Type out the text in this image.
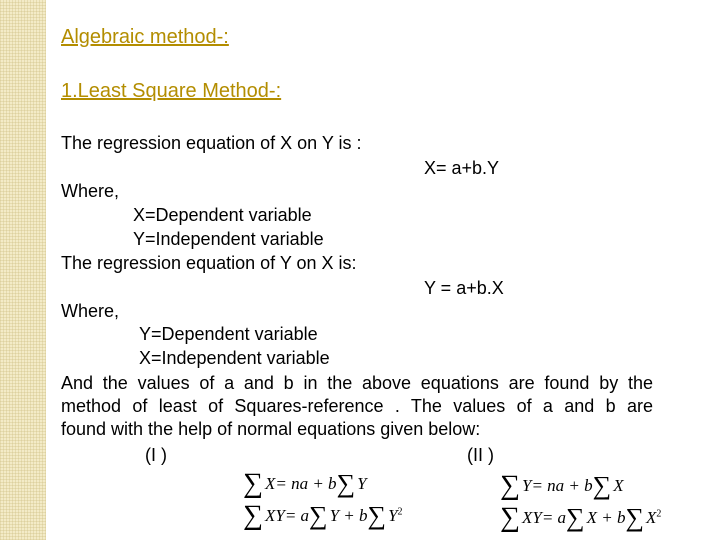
Algebraic method-:
1.Least Square Method-:
The regression equation of X on Y is :
X= a+b.Y
Where,
X=Dependent variable
Y=Independent variable
The regression equation of Y on X is:
Y = a+b.X
Where,
Y=Dependent variable
X=Independent variable
And the values of a and b in the above equations are found by the
method of least of Squares-reference . The values of a and b are
found with the help of normal equations given below:
(I )	(II )
∑ X = na + b ∑ Y
∑ XY = a ∑ Y + b ∑ $Y^2$
∑ Y = na + b ∑ X
∑ XY = a ∑ X + b ∑ $X^2$
